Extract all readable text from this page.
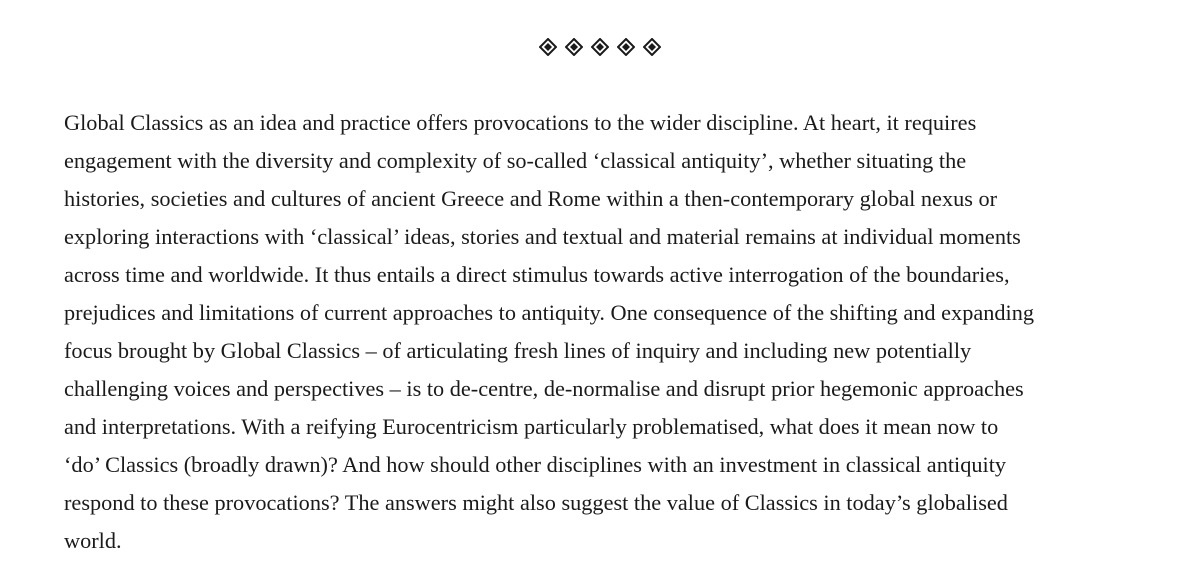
Global Classics as an idea and practice offers provocations to the wider discipline. At heart, it requires
engagement with the diversity and complexity of so-called ‘classical antiquity’, whether situating the
histories, societies and cultures of ancient Greece and Rome within a then-contemporary global nexus or
exploring interactions with ‘classical’ ideas, stories and textual and material remains at individual moments
across time and worldwide. It thus entails a direct stimulus towards active interrogation of the boundaries,
prejudices and limitations of current approaches to antiquity. One consequence of the shifting and expanding
focus brought by Global Classics – of articulating fresh lines of inquiry and including new potentially
challenging voices and perspectives – is to de-centre, de-normalise and disrupt prior hegemonic approaches
and interpretations. With a reifying Eurocentricism particularly problematised, what does it mean now to
‘do’ Classics (broadly drawn)? And how should other disciplines with an investment in classical antiquity
respond to these provocations? The answers might also suggest the value of Classics in today’s globalised
world.
